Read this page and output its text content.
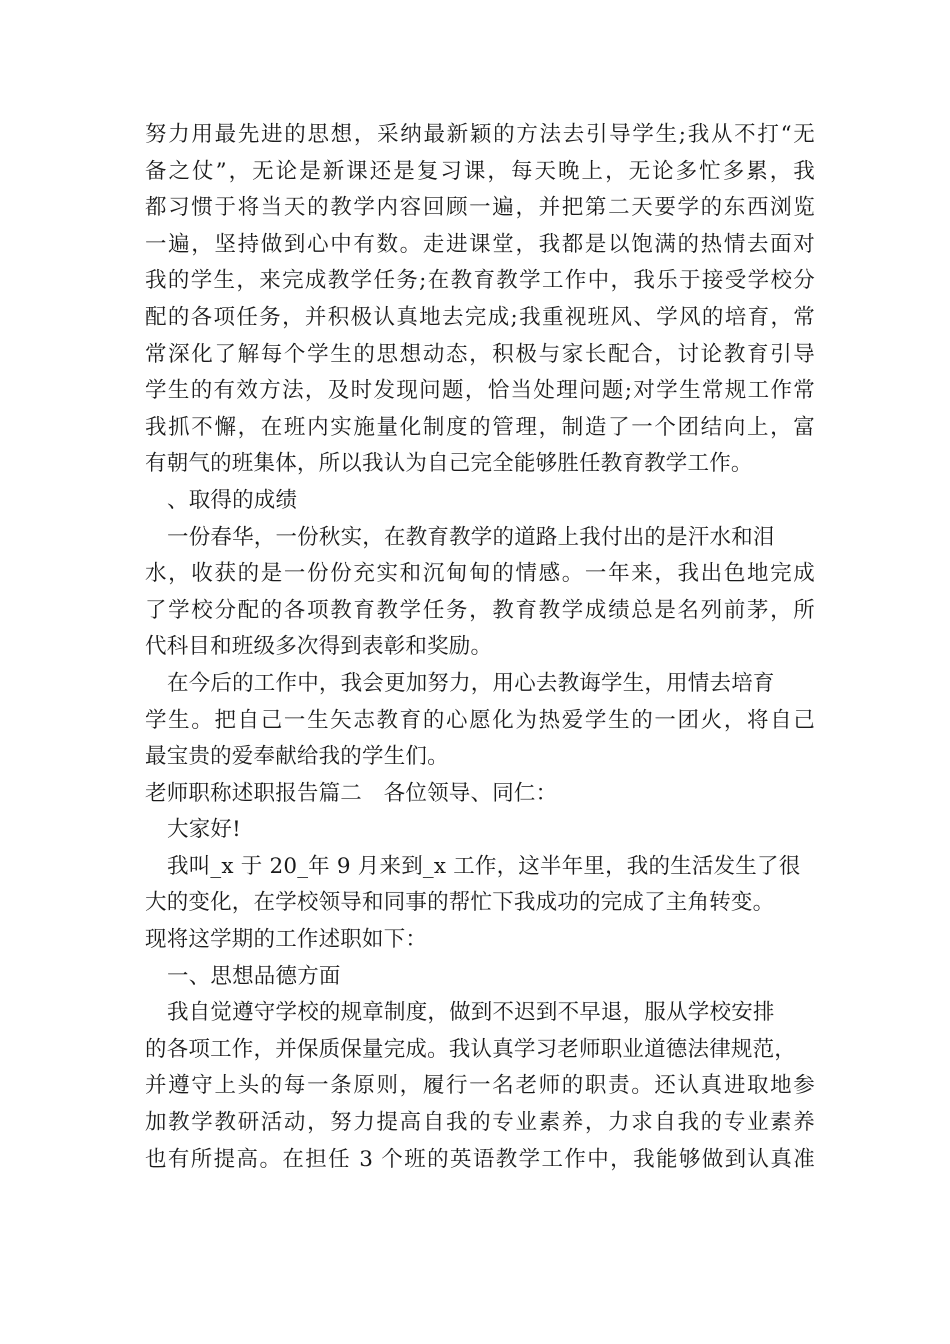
努力用最先进的思想，采纳最新颖的方法去引导学生;我从不打“无
备之仗”，无论是新课还是复习课，每天晚上，无论多忙多累，我
都习惯于将当天的教学内容回顾一遍，并把第二天要学的东西浏览
一遍，坚持做到心中有数。走进课堂，我都是以饱满的热情去面对
我的学生，来完成教学任务;在教育教学工作中，我乐于接受学校分
配的各项任务，并积极认真地去完成;我重视班风、学风的培育，常
常深化了解每个学生的思想动态，积极与家长配合，讨论教育引导
学生的有效方法，及时发现问题，恰当处理问题;对学生常规工作常
我抓不懈，在班内实施量化制度的管理，制造了一个团结向上，富
有朝气的班集体，所以我认为自己完全能够胜任教育教学工作。
、取得的成绩
一份春华，一份秋实，在教育教学的道路上我付出的是汗水和泪
水，收获的是一份份充实和沉甸甸的情感。一年来，我出色地完成
了学校分配的各项教育教学任务，教育教学成绩总是名列前茅，所
代科目和班级多次得到表彰和奖励。
在今后的工作中，我会更加努力，用心去教诲学生，用情去培育
学生。把自己一生矢志教育的心愿化为热爱学生的一团火，将自己
最宝贵的爱奉献给我的学生们。
老师职称述职报告篇二　各位领导、同仁：
大家好!
我叫_x 于 20_年 9 月来到_x 工作，这半年里，我的生活发生了很
大的变化，在学校领导和同事的帮忙下我成功的完成了主角转变。
现将这学期的工作述职如下：
一、思想品德方面
我自觉遵守学校的规章制度，做到不迟到不早退，服从学校安排
的各项工作，并保质保量完成。我认真学习老师职业道德法律规范，
并遵守上头的每一条原则，履行一名老师的职责。还认真进取地参
加教学教研活动，努力提高自我的专业素养，力求自我的专业素养
也有所提高。在担任 3 个班的英语教学工作中，我能够做到认真准
